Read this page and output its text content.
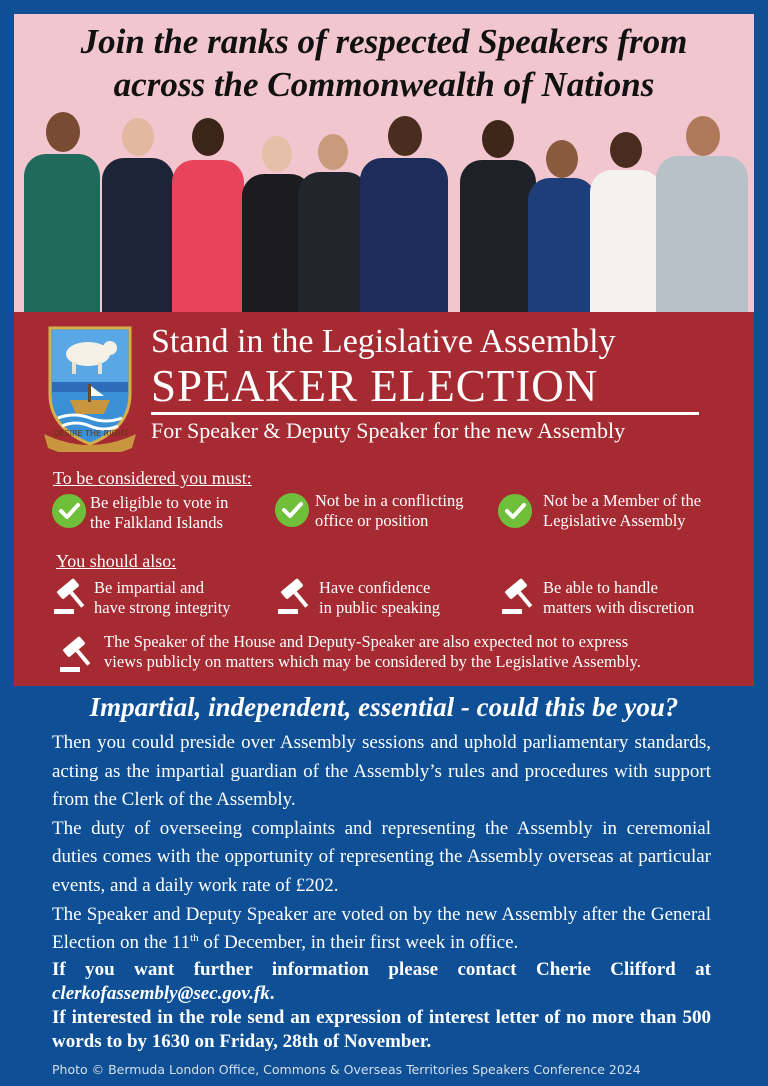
Join the ranks of respected Speakers from
across the Commonwealth of Nations
DESIRE THE RIGHT
Stand in the Legislative Assembly
SPEAKER ELECTION
For Speaker & Deputy Speaker for the new Assembly
To be considered you must:
Be eligible to vote in
the Falkland Islands
Not be in a conflicting
office or position
Not be a Member of the
Legislative Assembly
You should also:
Be impartial and
have strong integrity
Have confidence
in public speaking
Be able to handle
matters with discretion
The Speaker of the House and Deputy-Speaker are also expected not to express
views publicly on matters which may be considered by the Legislative Assembly.
Impartial, independent, essential - could this be you?

Then you could preside over Assembly sessions and uphold parliamentary standards, acting as the impartial guardian of the Assembly’s rules and procedures with support from the Clerk of the Assembly.

The duty of overseeing complaints and representing the Assembly in ceremonial duties comes with the opportunity of representing the Assembly overseas at particular events, and a daily work rate of £202.

The Speaker and Deputy Speaker are voted on by the new Assembly after the General Election on the 11th of December, in their first week in office.

If you want further information please contact Cherie Clifford at clerkofassembly@sec.gov.fk.

If interested in the role send an expression of interest letter of no more than 500 words to by 1630 on Friday, 28th of November.

Photo © Bermuda London Office, Commons & Overseas Territories Speakers Conference 2024
